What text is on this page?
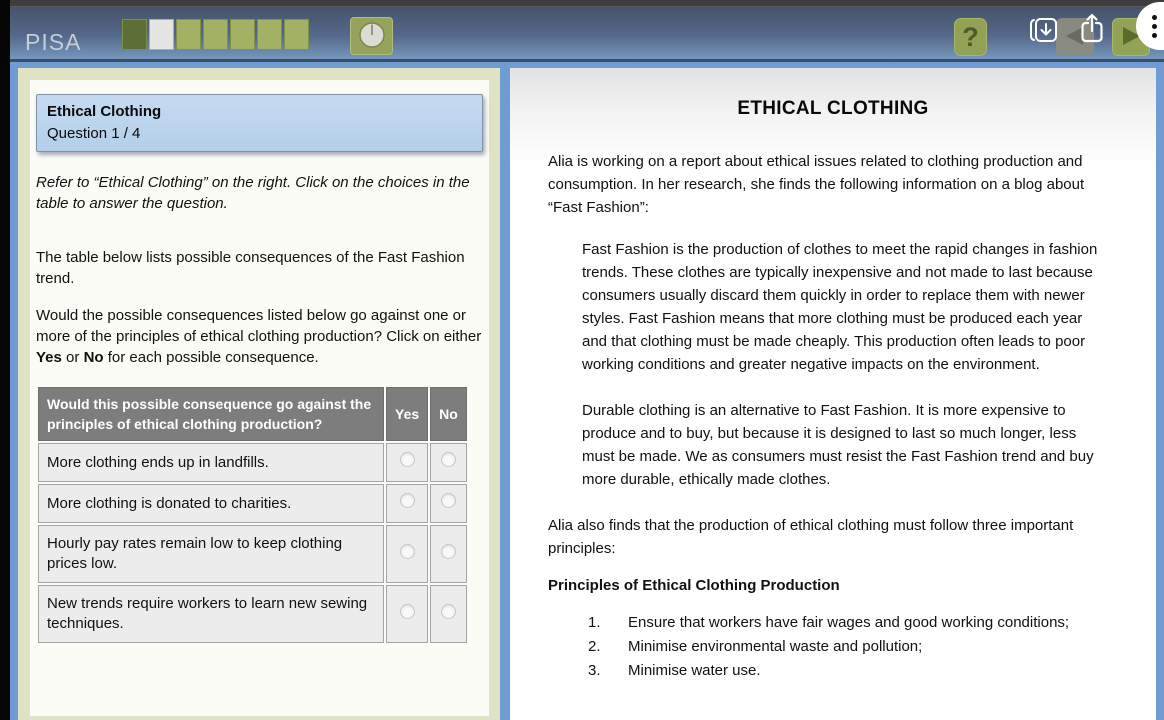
PISA	?
Ethical Clothing
Question 1 / 4

Refer to “Ethical Clothing” on the right. Click on the choices in the table to answer the question.

The table below lists possible consequences of the Fast Fashion trend.

Would the possible consequences listed below go against one or more of the principles of ethical clothing production? Click on either Yes or No for each possible consequence.

Would this possible consequence go against the principles of ethical clothing production?	Yes	No
More clothing ends up in landfills.		
More clothing is donated to charities.		
Hourly pay rates remain low to keep clothing prices low.		
New trends require workers to learn new sewing techniques.		
ETHICAL CLOTHING

Alia is working on a report about ethical issues related to clothing production and consumption. In her research, she finds the following information on a blog about “Fast Fashion”:

Fast Fashion is the production of clothes to meet the rapid changes in fashion trends. These clothes are typically inexpensive and not made to last because consumers usually discard them quickly in order to replace them with newer styles. Fast Fashion means that more clothing must be produced each year and that clothing must be made cheaply. This production often leads to poor working conditions and greater negative impacts on the environment.
Durable clothing is an alternative to Fast Fashion. It is more expensive to produce and to buy, but because it is designed to last so much longer, less must be made. We as consumers must resist the Fast Fashion trend and buy more durable, ethically made clothes.

Alia also finds that the production of ethical clothing must follow three important principles:

Principles of Ethical Clothing Production

1.	Ensure that workers have fair wages and good working conditions;
2.	Minimise environmental waste and pollution;
3.	Minimise water use.
